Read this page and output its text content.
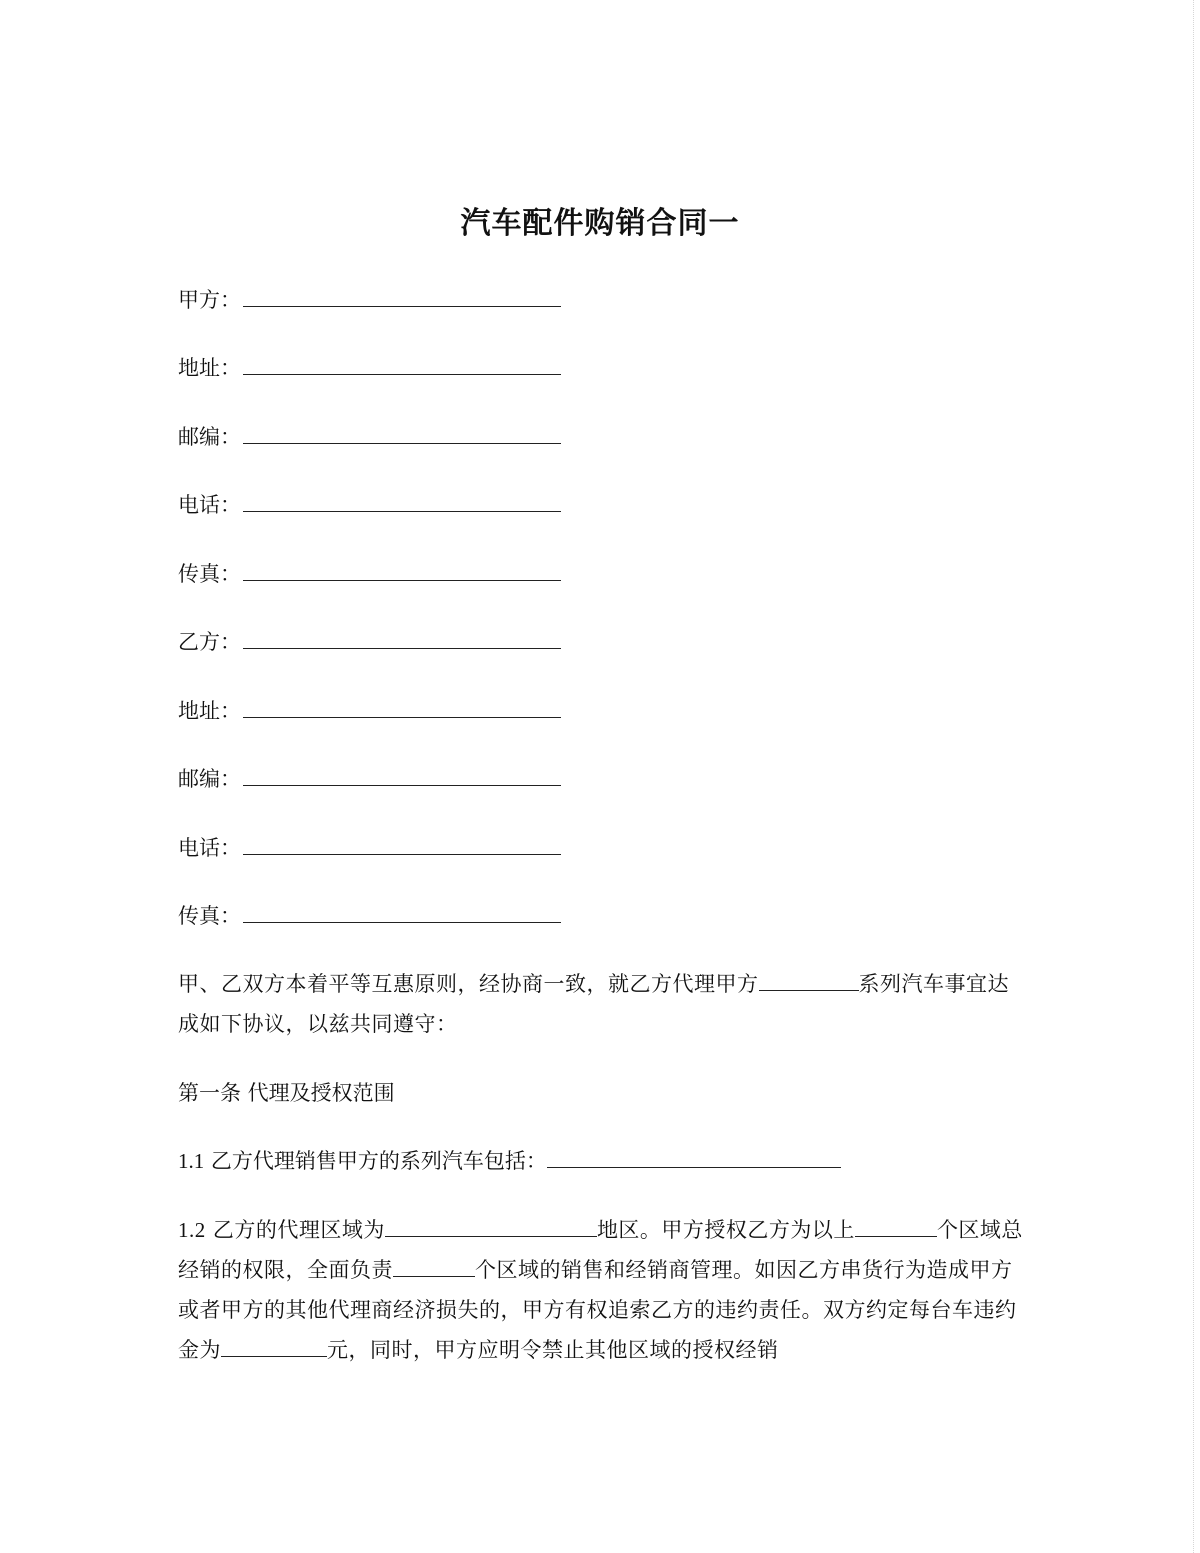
汽车配件购销合同一
甲方：
地址：
邮编：
电话：
传真：
乙方：
地址：
邮编：
电话：
传真：
甲、乙双方本着平等互惠原则，经协商一致，就乙方代理甲方	系列汽车事宜达成如下协议，以兹共同遵守：
第一条 代理及授权范围
1.1 乙方代理销售甲方的系列汽车包括：
1.2 乙方的代理区域为	地区。甲方授权乙方为以上	个区域总经销的权限，全面负责	个区域的销售和经销商管理。如因乙方串货行为造成甲方或者甲方的其他代理商经济损失的，甲方有权追索乙方的违约责任。双方约定每台车违约金为	元，同时，甲方应明令禁止其他区域的授权经销
